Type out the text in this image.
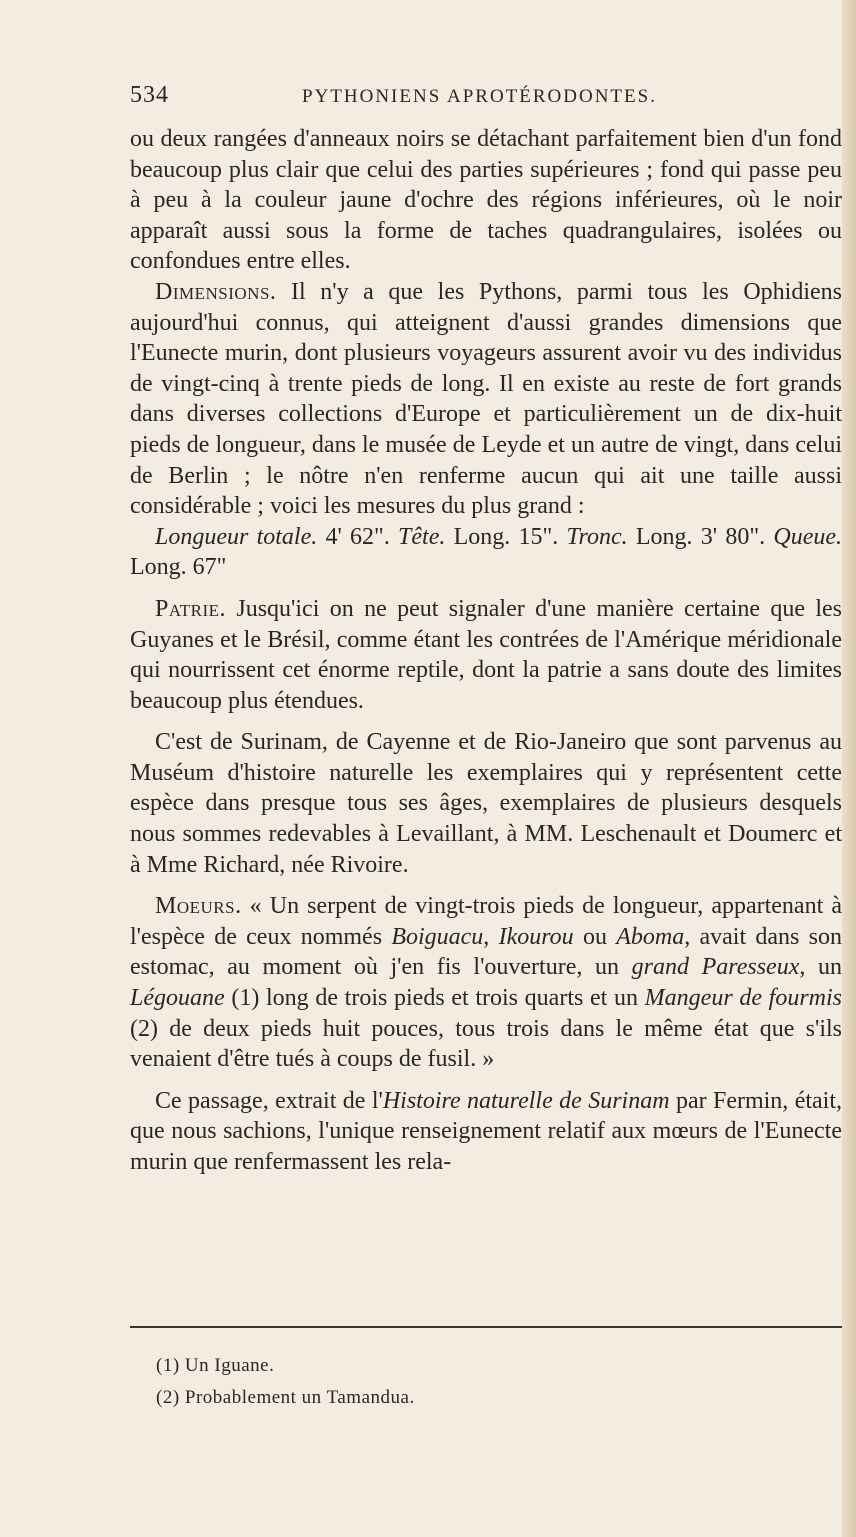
534	PYTHONIENS APROTÉRODONTES.

ou deux rangées d'anneaux noirs se détachant parfaitement bien d'un fond beaucoup plus clair que celui des parties supérieures ; fond qui passe peu à peu à la couleur jaune d'ochre des régions inférieures, où le noir apparaît aussi sous la forme de taches quadrangulaires, isolées ou confondues entre elles.

Dimensions. Il n'y a que les Pythons, parmi tous les Ophidiens aujourd'hui connus, qui atteignent d'aussi grandes dimensions que l'Eunecte murin, dont plusieurs voyageurs assurent avoir vu des individus de vingt-cinq à trente pieds de long. Il en existe au reste de fort grands dans diverses collections d'Europe et particulièrement un de dix-huit pieds de longueur, dans le musée de Leyde et un autre de vingt, dans celui de Berlin ; le nôtre n'en renferme aucun qui ait une taille aussi considérable ; voici les mesures du plus grand :

Longueur totale. 4' 62". Tête. Long. 15". Tronc. Long. 3' 80". Queue. Long. 67"

Patrie. Jusqu'ici on ne peut signaler d'une manière certaine que les Guyanes et le Brésil, comme étant les contrées de l'Amérique méridionale qui nourrissent cet énorme reptile, dont la patrie a sans doute des limites beaucoup plus étendues.

C'est de Surinam, de Cayenne et de Rio-Janeiro que sont parvenus au Muséum d'histoire naturelle les exemplaires qui y représentent cette espèce dans presque tous ses âges, exemplaires de plusieurs desquels nous sommes redevables à Levaillant, à MM. Leschenault et Doumerc et à Mme Richard, née Rivoire.

Moeurs. « Un serpent de vingt-trois pieds de longueur, appartenant à l'espèce de ceux nommés Boiguacu, Ikourou ou Aboma, avait dans son estomac, au moment où j'en fis l'ouverture, un grand Paresseux, un Légouane (1) long de trois pieds et trois quarts et un Mangeur de fourmis (2) de deux pieds huit pouces, tous trois dans le même état que s'ils venaient d'être tués à coups de fusil. »

Ce passage, extrait de l'Histoire naturelle de Surinam par Fermin, était, que nous sachions, l'unique renseignement relatif aux mœurs de l'Eunecte murin que renfermassent les rela-

(1) Un Iguane.

(2) Probablement un Tamandua.
